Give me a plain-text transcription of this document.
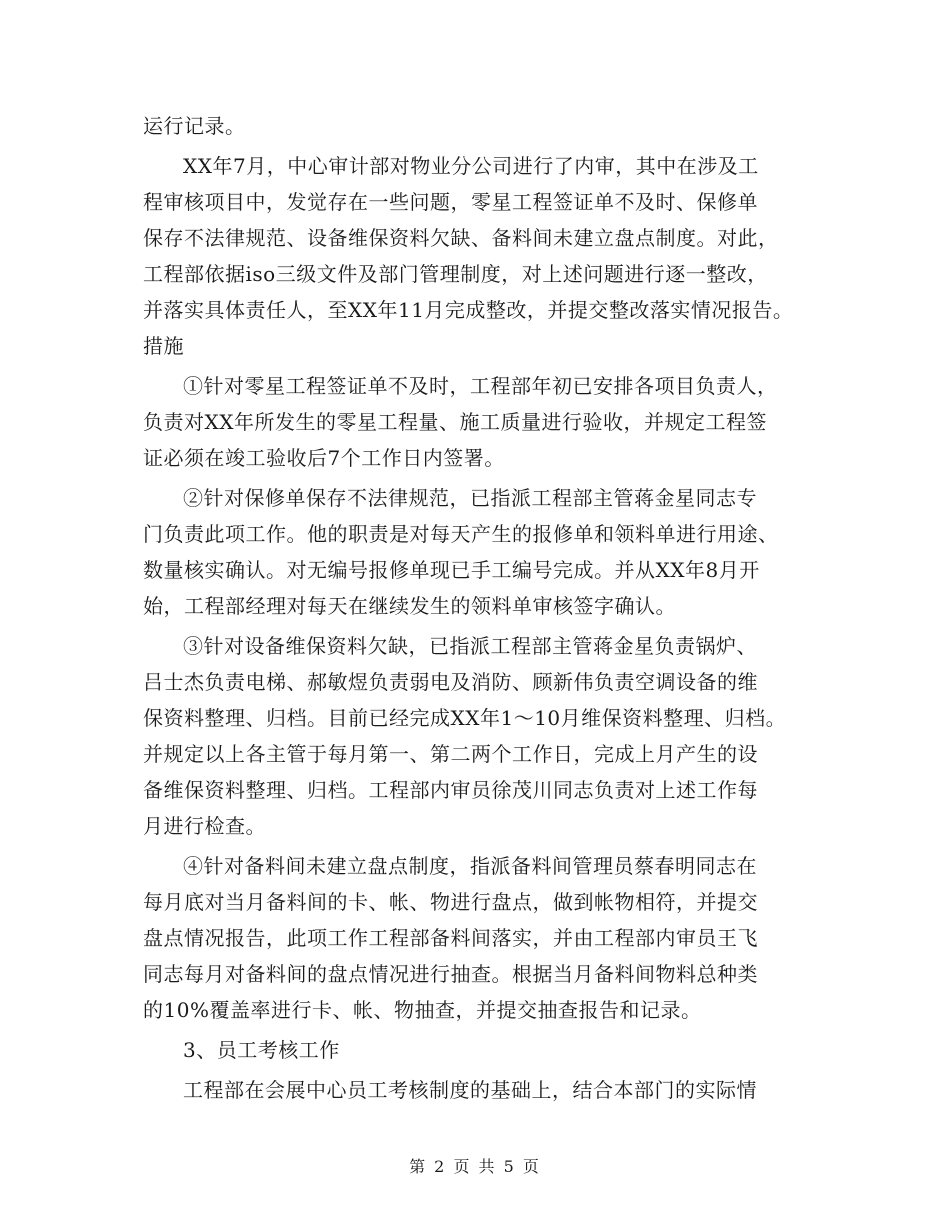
运行记录。
XX年7月，中心审计部对物业分公司进行了内审，其中在涉及工
程审核项目中，发觉存在一些问题，零星工程签证单不及时、保修单
保存不法律规范、设备维保资料欠缺、备料间未建立盘点制度。对此，
工程部依据iso三级文件及部门管理制度，对上述问题进行逐一整改，
并落实具体责任人，至XX年11月完成整改，并提交整改落实情况报告。
措施
①针对零星工程签证单不及时，工程部年初已安排各项目负责人，
负责对XX年所发生的零星工程量、施工质量进行验收，并规定工程签
证必须在竣工验收后7个工作日内签署。
②针对保修单保存不法律规范，已指派工程部主管蒋金星同志专
门负责此项工作。他的职责是对每天产生的报修单和领料单进行用途、
数量核实确认。对无编号报修单现已手工编号完成。并从XX年8月开
始，工程部经理对每天在继续发生的领料单审核签字确认。
③针对设备维保资料欠缺，已指派工程部主管蒋金星负责锅炉、
吕士杰负责电梯、郝敏煜负责弱电及消防、顾新伟负责空调设备的维
保资料整理、归档。目前已经完成XX年1～10月维保资料整理、归档。
并规定以上各主管于每月第一、第二两个工作日，完成上月产生的设
备维保资料整理、归档。工程部内审员徐茂川同志负责对上述工作每
月进行检查。
④针对备料间未建立盘点制度，指派备料间管理员蔡春明同志在
每月底对当月备料间的卡、帐、物进行盘点，做到帐物相符，并提交
盘点情况报告，此项工作工程部备料间落实，并由工程部内审员王飞
同志每月对备料间的盘点情况进行抽查。根据当月备料间物料总种类
的10%覆盖率进行卡、帐、物抽查，并提交抽查报告和记录。
3、员工考核工作
工程部在会展中心员工考核制度的基础上，结合本部门的实际情
第 2 页 共 5 页
